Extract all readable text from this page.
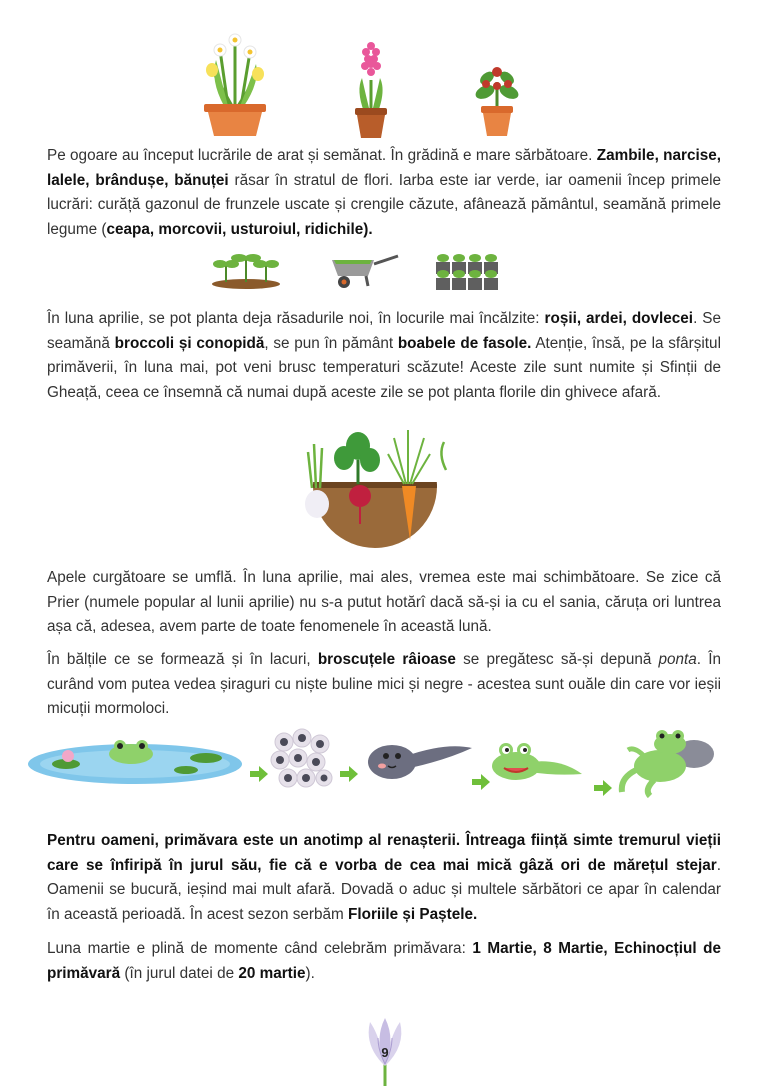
Pe ogoare au început lucrările de arat și semănat. În grădină e mare sărbătoare. Zambile, narcise, lalele, brândușe, bănuței răsar în stratul de flori. Iarba este iar verde, iar oamenii încep primele lucrări: curăță gazonul de frunzele uscate și crengile căzute, afânează pământul, seamănă primele legume (ceapa, morcovii, usturoiul, ridichile).

În luna aprilie, se pot planta deja răsadurile noi, în locurile mai încălzite: roșii, ardei, dovlecei. Se seamănă broccoli și conopidă, se pun în pământ boabele de fasole. Atenție, însă, pe la sfârșitul primăverii, în luna mai, pot veni brusc temperaturi scăzute! Aceste zile sunt numite și Sfinții de Gheață, ceea ce însemnă că numai după aceste zile se pot planta florile din ghivece afară.

Apele curgătoare se umflă. În luna aprilie, mai ales, vremea este mai schimbătoare. Se zice că Prier (numele popular al lunii aprilie) nu s-a putut hotărî dacă să-și ia cu el sania, căruța ori luntrea așa că, adesea, avem parte de toate fenomenele în această lună.

În bălțile ce se formează și în lacuri, broscuțele râioase se pregătesc să-și depună ponta. În curând vom putea vedea șiraguri cu niște buline mici și negre - acestea sunt ouăle din care vor ieșii micuții mormoloci.

Pentru oameni, primăvara este un anotimp al renașterii. Întreaga ființă simte tremurul vieții care se înfiripă în jurul său, fie că e vorba de cea mai mică gâză ori de mărețul stejar. Oamenii se bucură, ieșind mai mult afară. Dovadă o aduc și multele sărbători ce apar în calendar în această perioadă. În acest sezon serbăm Floriile și Paștele.

Luna martie e plină de momente când celebrăm primăvara: 1 Martie, 8 Martie, Echinocțiul de primăvară (în jurul datei de 20 martie).

9
